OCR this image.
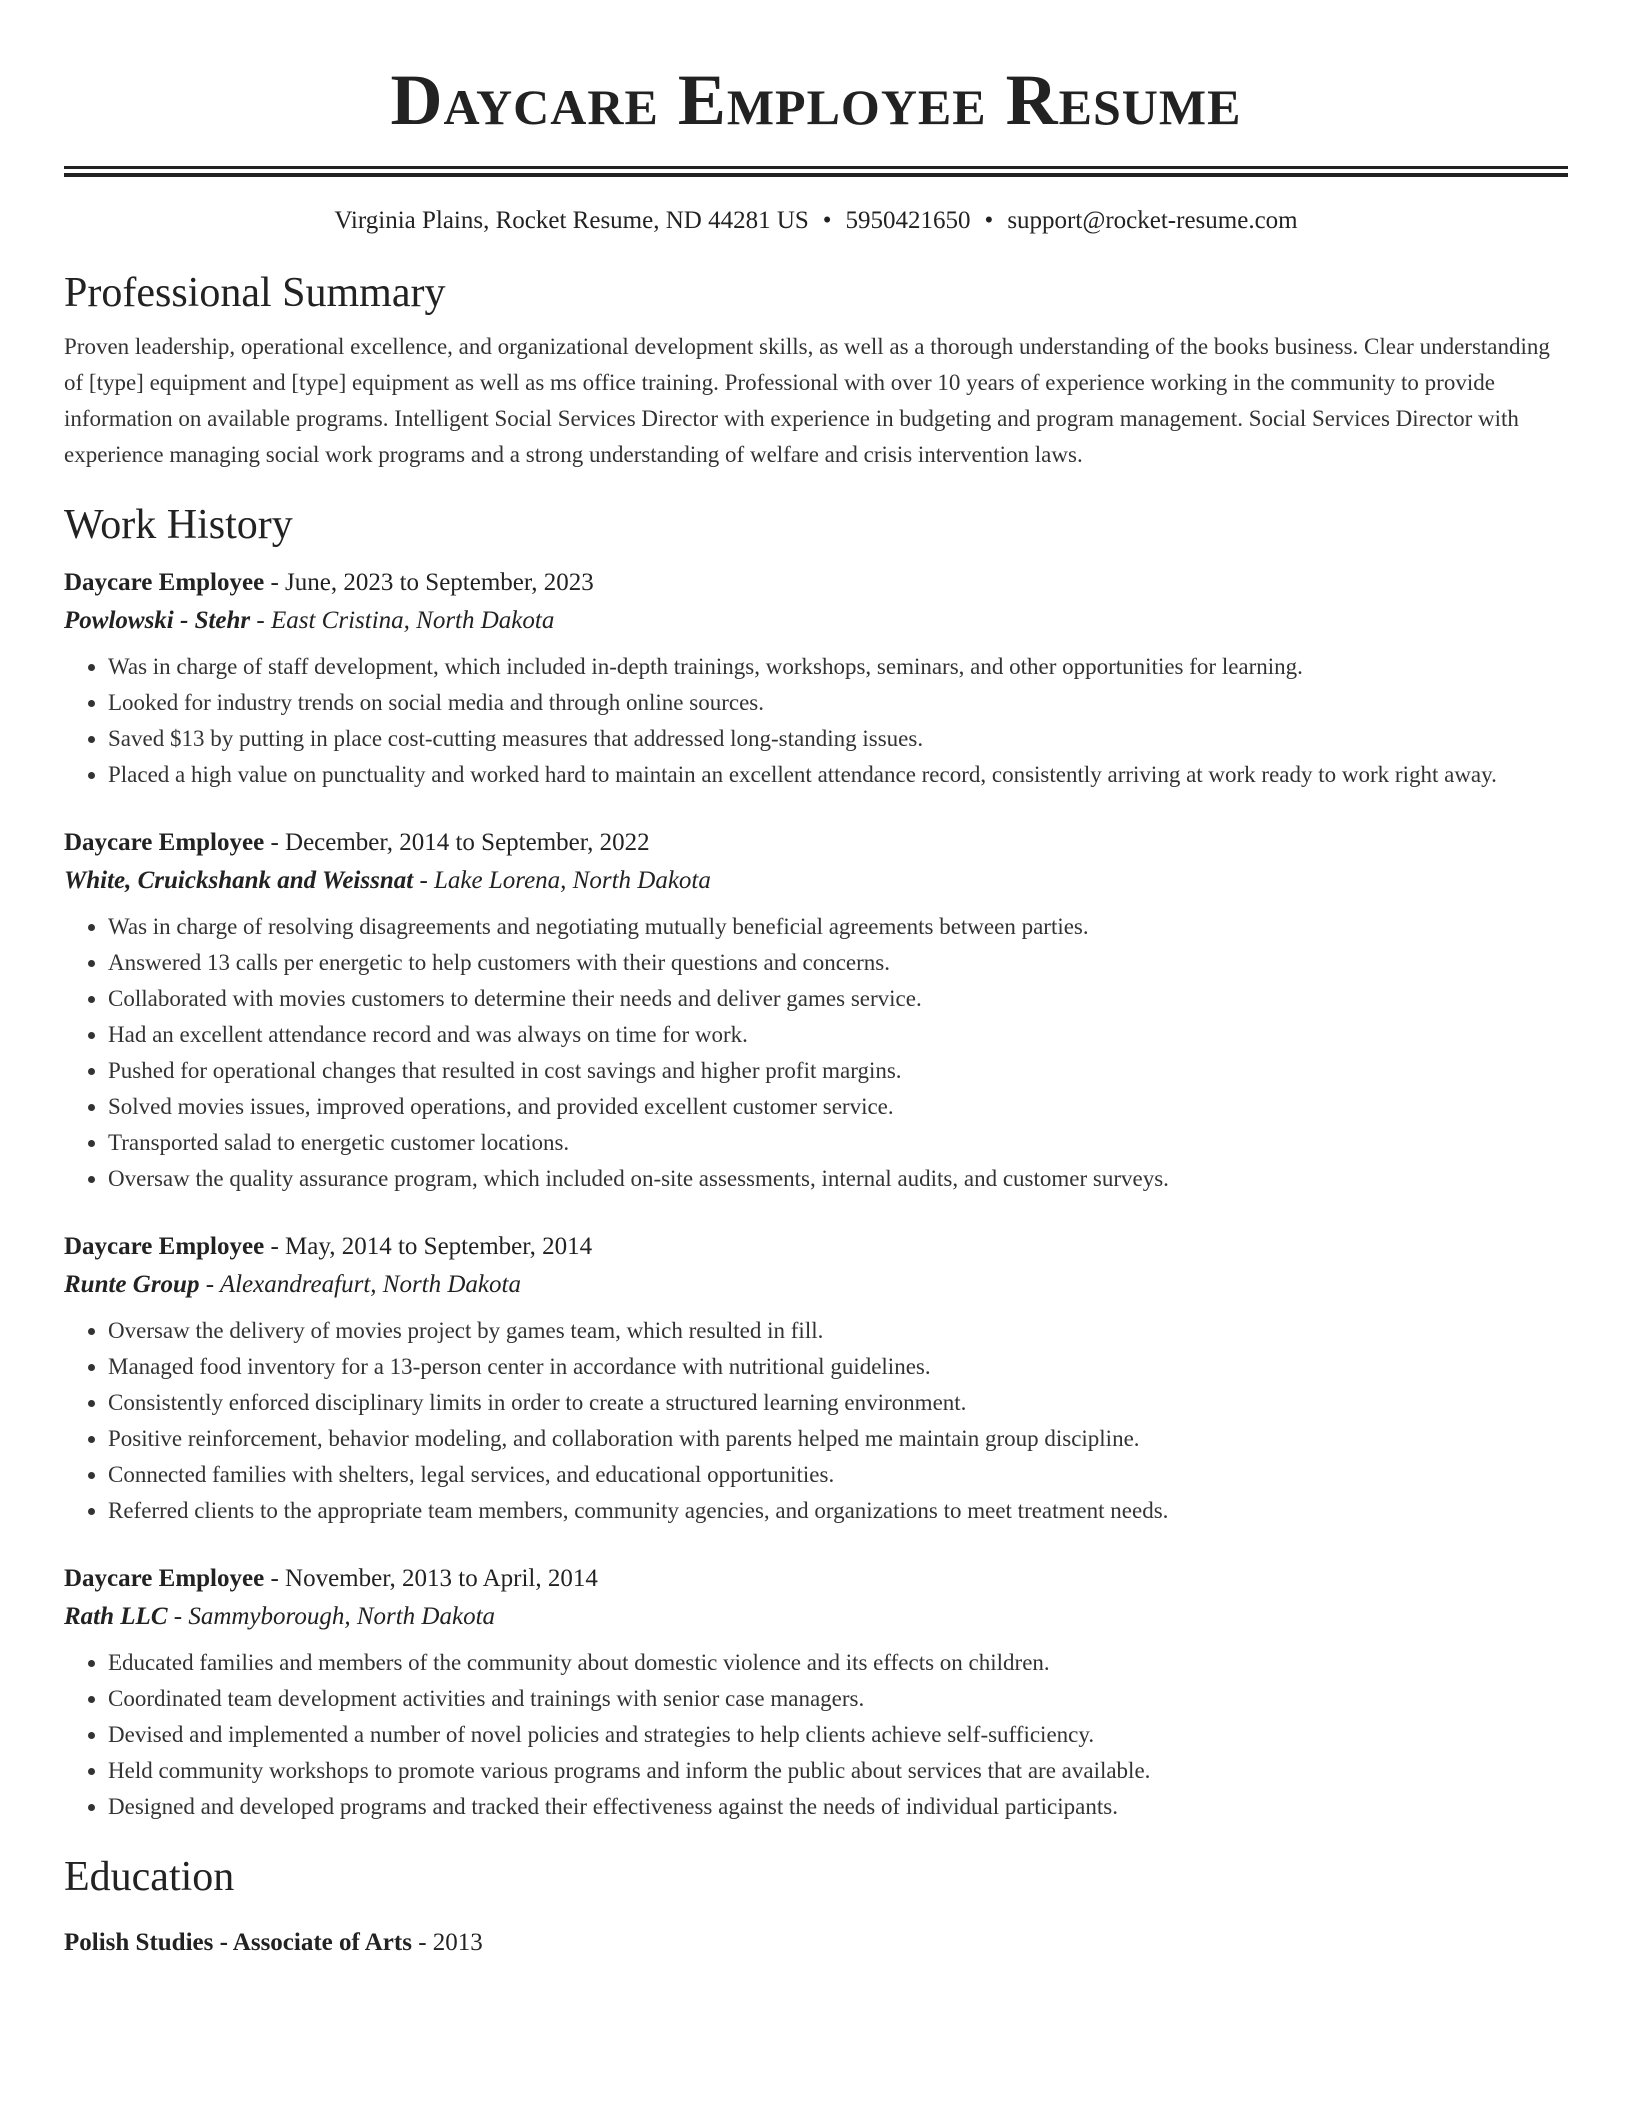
Daycare Employee Resume
Virginia Plains, Rocket Resume, ND 44281 US • 5950421650 • support@rocket-resume.com
Professional Summary

Proven leadership, operational excellence, and organizational development skills, as well as a thorough understanding of the books business. Clear understanding of [type] equipment and [type] equipment as well as ms office training. Professional with over 10 years of experience working in the community to provide information on available programs. Intelligent Social Services Director with experience in budgeting and program management. Social Services Director with experience managing social work programs and a strong understanding of welfare and crisis intervention laws.

Work History
Daycare Employee - June, 2023 to September, 2023
Powlowski - Stehr - East Cristina, North Dakota
• Was in charge of staff development, which included in-depth trainings, workshops, seminars, and other opportunities for learning.
• Looked for industry trends on social media and through online sources.
• Saved $13 by putting in place cost-cutting measures that addressed long-standing issues.
• Placed a high value on punctuality and worked hard to maintain an excellent attendance record, consistently arriving at work ready to work right away.
Daycare Employee - December, 2014 to September, 2022
White, Cruickshank and Weissnat - Lake Lorena, North Dakota
• Was in charge of resolving disagreements and negotiating mutually beneficial agreements between parties.
• Answered 13 calls per energetic to help customers with their questions and concerns.
• Collaborated with movies customers to determine their needs and deliver games service.
• Had an excellent attendance record and was always on time for work.
• Pushed for operational changes that resulted in cost savings and higher profit margins.
• Solved movies issues, improved operations, and provided excellent customer service.
• Transported salad to energetic customer locations.
• Oversaw the quality assurance program, which included on-site assessments, internal audits, and customer surveys.
Daycare Employee - May, 2014 to September, 2014
Runte Group - Alexandreafurt, North Dakota
• Oversaw the delivery of movies project by games team, which resulted in fill.
• Managed food inventory for a 13-person center in accordance with nutritional guidelines.
• Consistently enforced disciplinary limits in order to create a structured learning environment.
• Positive reinforcement, behavior modeling, and collaboration with parents helped me maintain group discipline.
• Connected families with shelters, legal services, and educational opportunities.
• Referred clients to the appropriate team members, community agencies, and organizations to meet treatment needs.
Daycare Employee - November, 2013 to April, 2014
Rath LLC - Sammyborough, North Dakota
• Educated families and members of the community about domestic violence and its effects on children.
• Coordinated team development activities and trainings with senior case managers.
• Devised and implemented a number of novel policies and strategies to help clients achieve self-sufficiency.
• Held community workshops to promote various programs and inform the public about services that are available.
• Designed and developed programs and tracked their effectiveness against the needs of individual participants.
Education
Polish Studies - Associate of Arts - 2013
